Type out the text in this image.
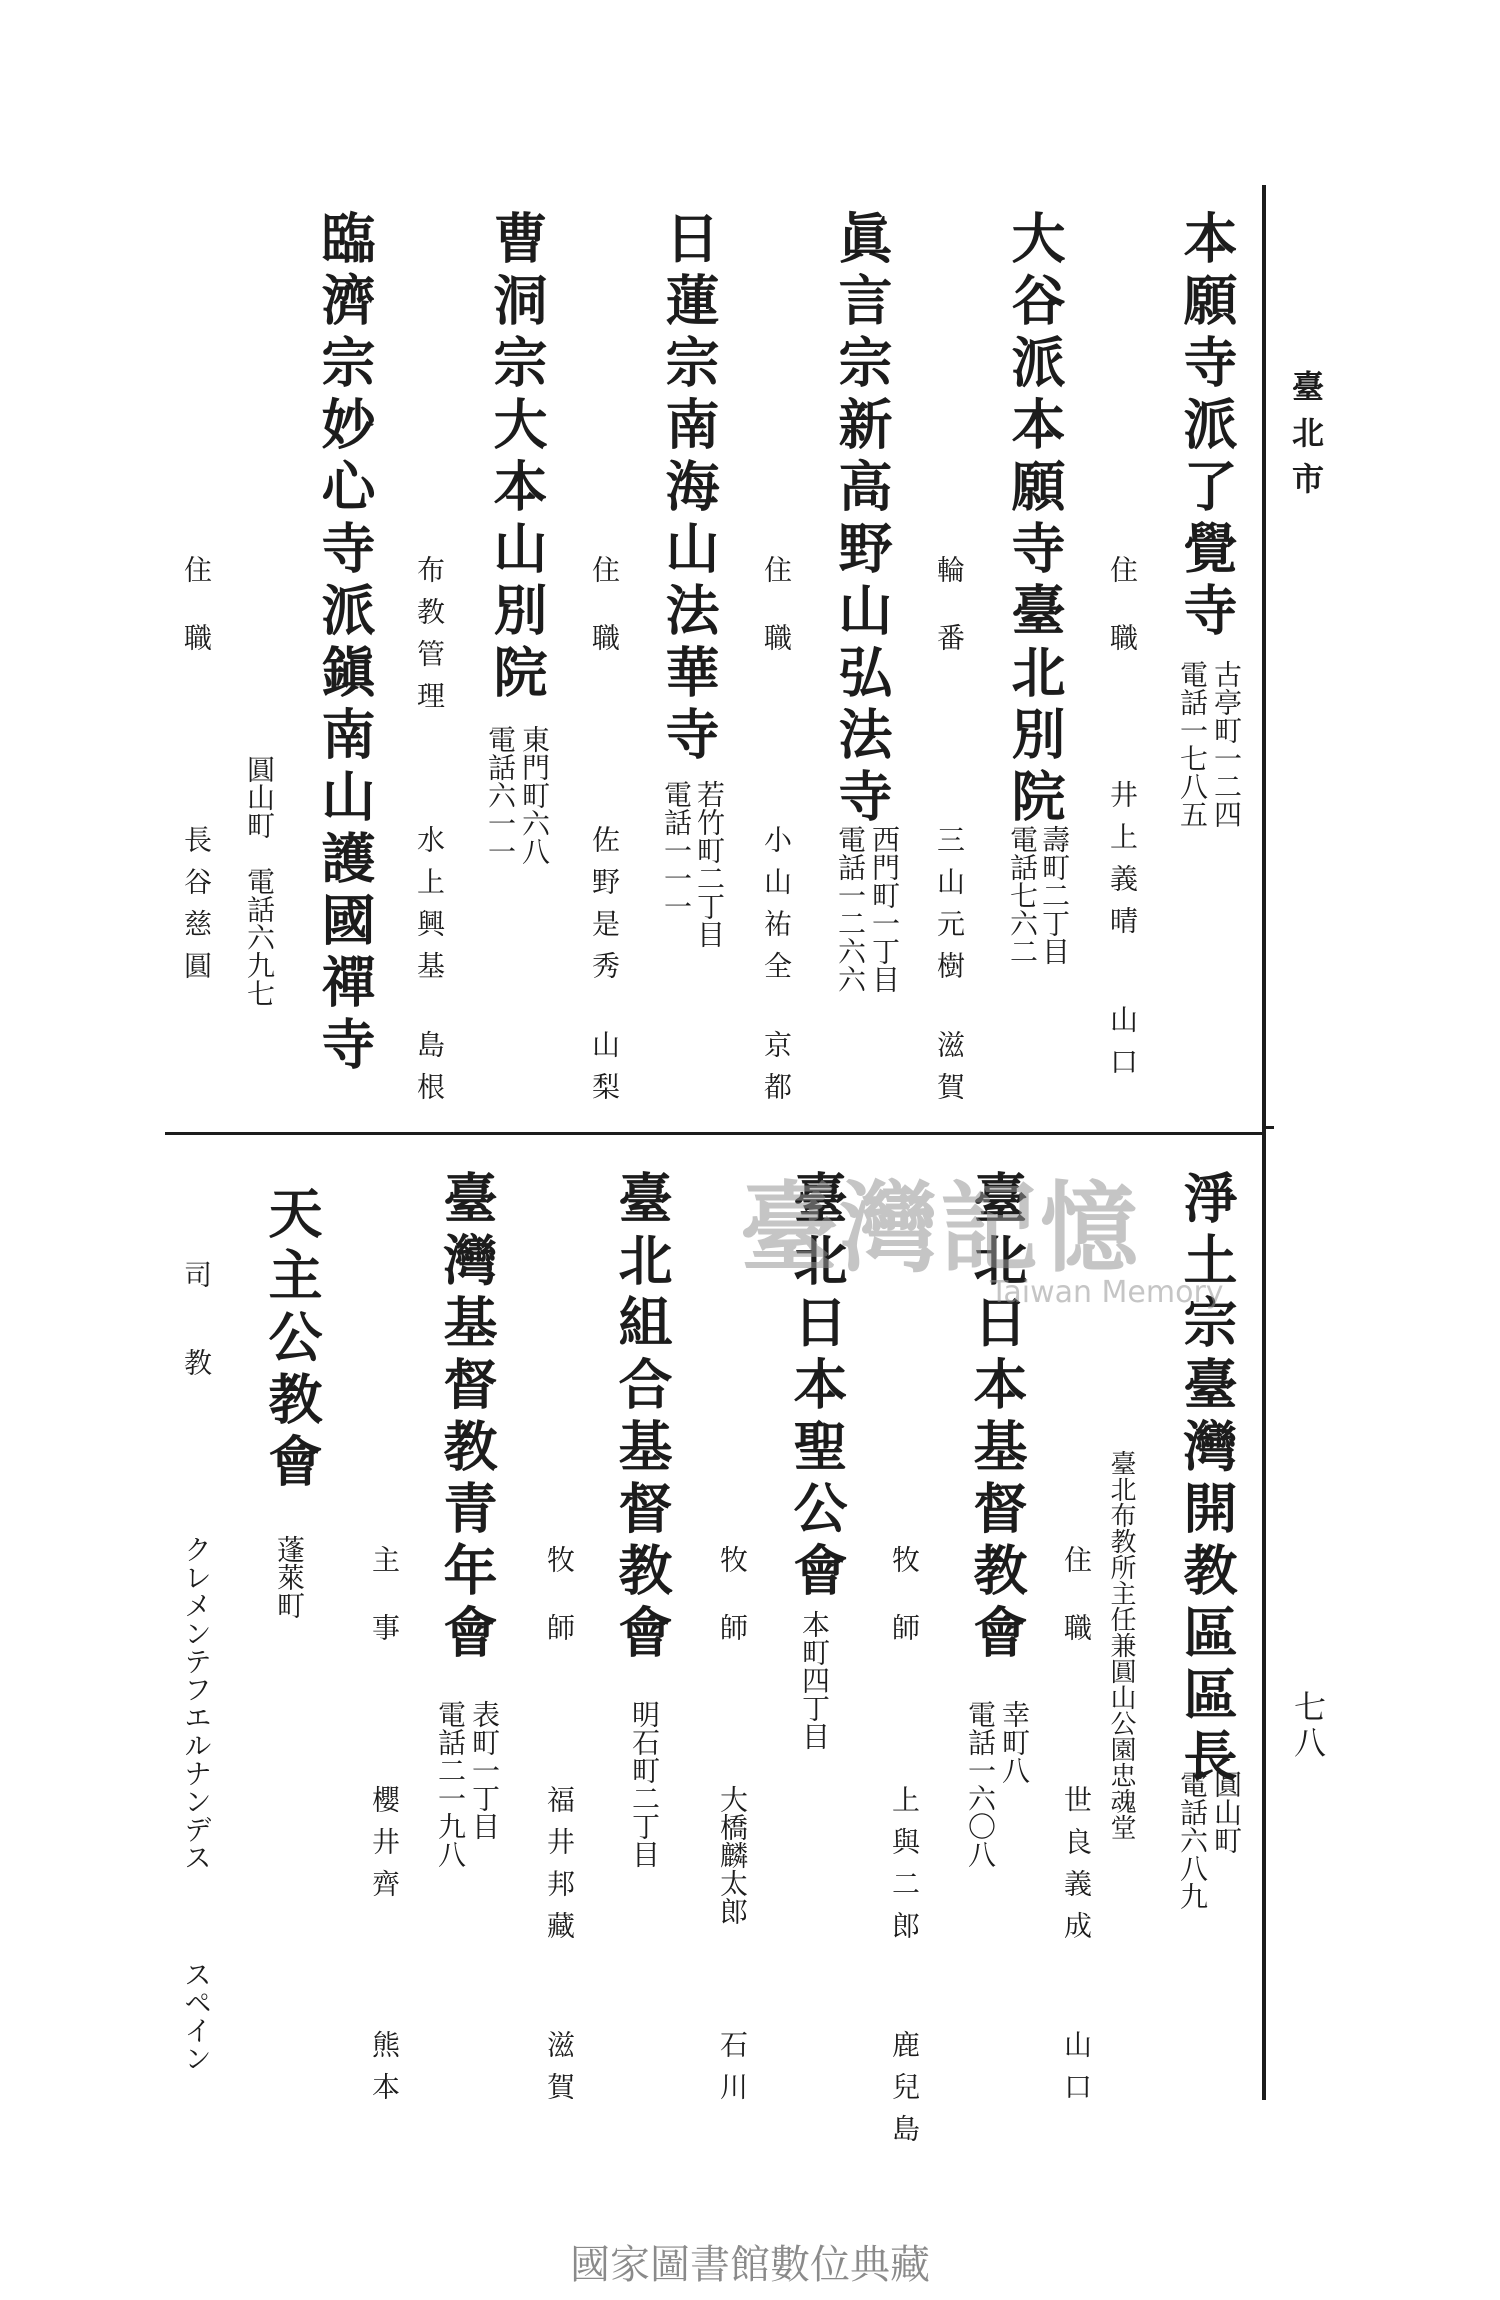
臺北市
七八
本願寺派了覺寺
古亭町一二四
電話一七八五
住職
井上義晴
山口
大谷派本願寺臺北別院
壽町二丁目
電話七六二
輪番
三山元樹
滋賀
眞言宗新高野山弘法寺
西門町一丁目
電話一二六六
住職
小山祐全
京都
日蓮宗南海山法華寺
若竹町二丁目
電話一一一
住職
佐野是秀
山梨
曹洞宗大本山別院
東門町六八
電話六一一
布教管理
水上興基
島根
臨濟宗妙心寺派鎭南山護國禪寺
圓山町　電話六九七
住職
長谷慈圓
淨土宗臺灣開教區區長
圓山町
電話六八九
臺北布教所主任兼圓山公園忠魂堂
住職
世良義成
山口
臺北日本基督教會
幸町八
電話一六〇八
牧師
上與二郎
鹿兒島
臺北日本聖公會
本町四丁目
牧師
大橋麟太郎
石川
臺北組合基督教會
明石町二丁目
牧師
福井邦藏
滋賀
臺灣基督教青年會
表町一丁目
電話二一九八
主事
櫻井齊
熊本
天主公教會
蓬萊町
司教
クレメンテフエルナンデス
スペイン
臺灣記憶
Taiwan Memory
國家圖書館數位典藏
